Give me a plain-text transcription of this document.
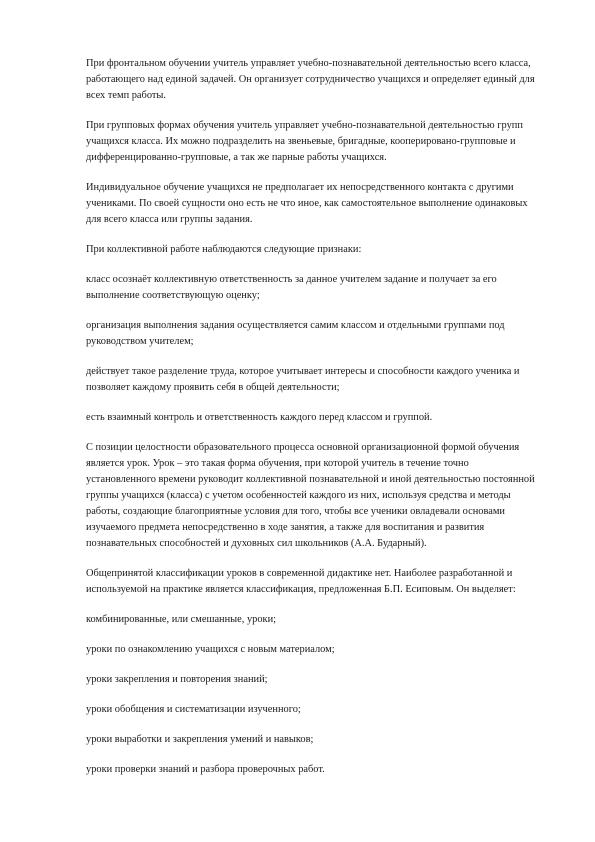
При фронтальном обучении учитель управляет учебно-познавательной деятельностью всего класса, работающего над единой задачей. Он организует сотрудничество учащихся и определяет единый для всех темп работы.

При групповых формах обучения учитель управляет учебно-познавательной деятельностью групп учащихся класса. Их можно подразделить на звеньевые, бригадные, кооперировано-групповые и дифференцированно-групповые, а так же парные работы учащихся.

Индивидуальное обучение учащихся не предполагает их непосредственного контакта с другими учениками. По своей сущности оно есть не что иное, как самостоятельное выполнение одинаковых для всего класса или группы задания.

При коллективной работе наблюдаются следующие признаки:

класс осознаёт коллективную ответственность за данное учителем задание и получает за его выполнение соответствующую оценку;

организация выполнения задания осуществляется самим классом и отдельными группами под руководством учителем;

действует такое разделение труда, которое учитывает интересы и способности каждого ученика и позволяет каждому проявить себя в общей деятельности;

есть взаимный контроль и ответственность каждого перед классом и группой.

С позиции целостности образовательного процесса основной организационной формой обучения является урок. Урок – это такая форма обучения, при которой учитель в течение точно установленного времени руководит коллективной познавательной и иной деятельностью постоянной группы учащихся (класса) с учетом особенностей каждого из них, используя средства и методы работы, создающие благоприятные условия для того, чтобы все ученики овладевали основами изучаемого предмета непосредственно в ходе занятия, а также для воспитания и развития познавательных способностей и духовных сил школьников (А.А. Бударный).

Общепринятой классификации уроков в современной дидактике нет. Наиболее разработанной и используемой на практике является классификация, предложенная Б.П. Есиповым. Он выделяет:

комбинированные, или смешанные, уроки;

уроки по ознакомлению учащихся с новым материалом;

уроки закрепления и повторения знаний;

уроки обобщения и систематизации изученного;

уроки выработки и закрепления умений и навыков;

уроки проверки знаний и разбора проверочных работ.
